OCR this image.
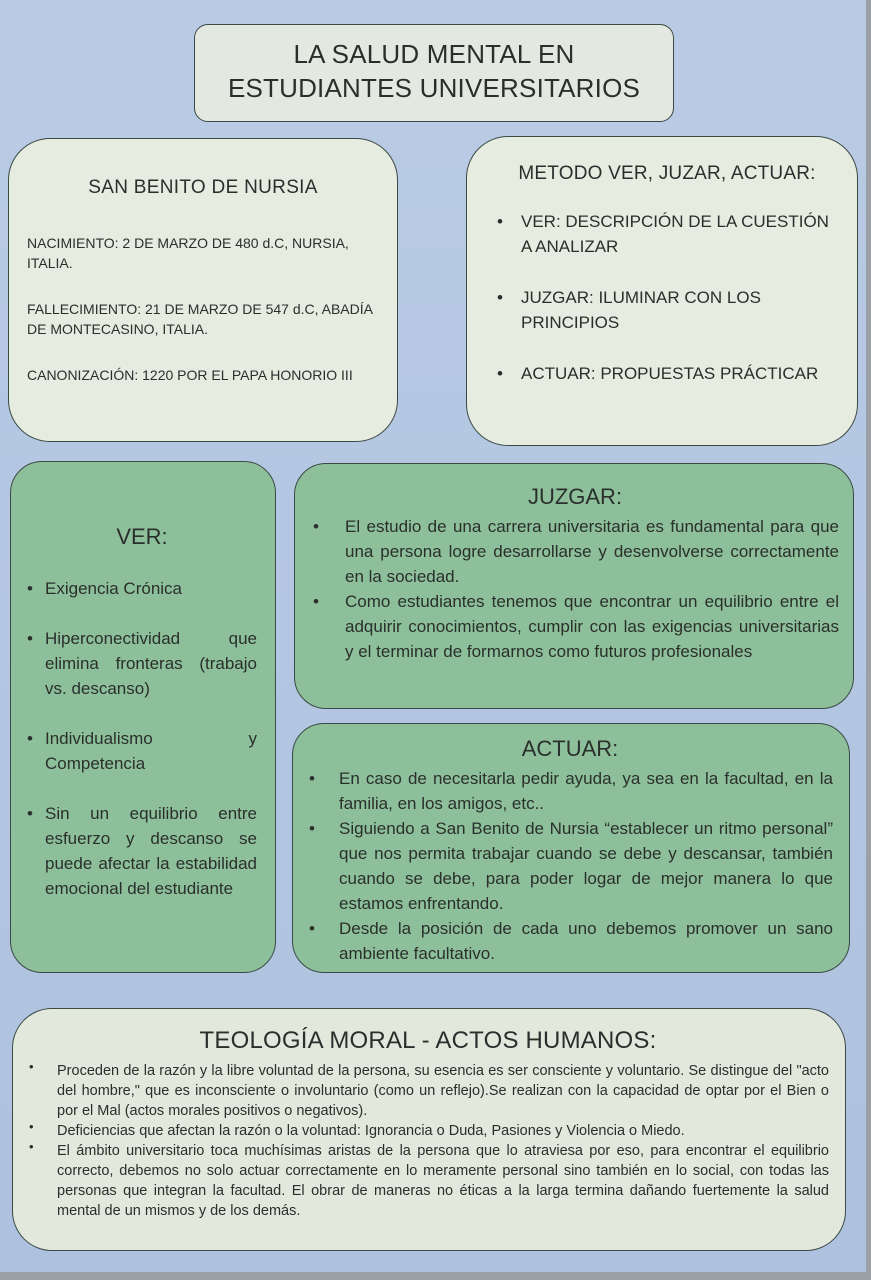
LA SALUD MENTAL EN
ESTUDIANTES UNIVERSITARIOS
SAN BENITO DE NURSIA

NACIMIENTO: 2 DE MARZO DE 480 d.C, NURSIA, ITALIA.

FALLECIMIENTO: 21 DE MARZO DE 547 d.C, ABADÍA DE MONTECASINO, ITALIA.

CANONIZACIÓN: 1220 POR EL PAPA HONORIO III

METODO VER, JUZAR, ACTUAR:
• VER: DESCRIPCIÓN DE LA CUESTIÓN A ANALIZAR
• JUZGAR: ILUMINAR CON LOS PRINCIPIOS
• ACTUAR: PROPUESTAS PRÁCTICAR
VER:
• Exigencia Crónica
• Hiperconectividad que elimina fronteras (trabajo vs. descanso)
• Individualismo y Competencia
• Sin un equilibrio entre esfuerzo y descanso se puede afectar la estabilidad emocional del estudiante
JUZGAR:
• El estudio de una carrera universitaria es fundamental para que una persona logre desarrollarse y desenvolverse correctamente en la sociedad.
• Como estudiantes tenemos que encontrar un equilibrio entre el adquirir conocimientos, cumplir con las exigencias universitarias y el terminar de formarnos como futuros profesionales
ACTUAR:
• En caso de necesitarla pedir ayuda, ya sea en la facultad, en la familia, en los amigos, etc..
• Siguiendo a San Benito de Nursia “establecer un ritmo personal” que nos permita trabajar cuando se debe y descansar, también cuando se debe, para poder logar de mejor manera lo que estamos enfrentando.
• Desde la posición de cada uno debemos promover un sano ambiente facultativo.
TEOLOGÍA MORAL - ACTOS HUMANOS:
• Proceden de la razón y la libre voluntad de la persona, su esencia es ser consciente y voluntario. Se distingue del "acto del hombre," que es inconsciente o involuntario (como un reflejo).Se realizan con la capacidad de optar por el Bien o por el Mal (actos morales positivos o negativos).
• Deficiencias que afectan la razón o la voluntad: Ignorancia o Duda, Pasiones y Violencia o Miedo.
• El ámbito universitario toca muchísimas aristas de la persona que lo atraviesa por eso, para encontrar el equilibrio correcto, debemos no solo actuar correctamente en lo meramente personal sino también en lo social, con todas las personas que integran la facultad. El obrar de maneras no éticas a la larga termina dañando fuertemente la salud mental de un mismos y de los demás.
